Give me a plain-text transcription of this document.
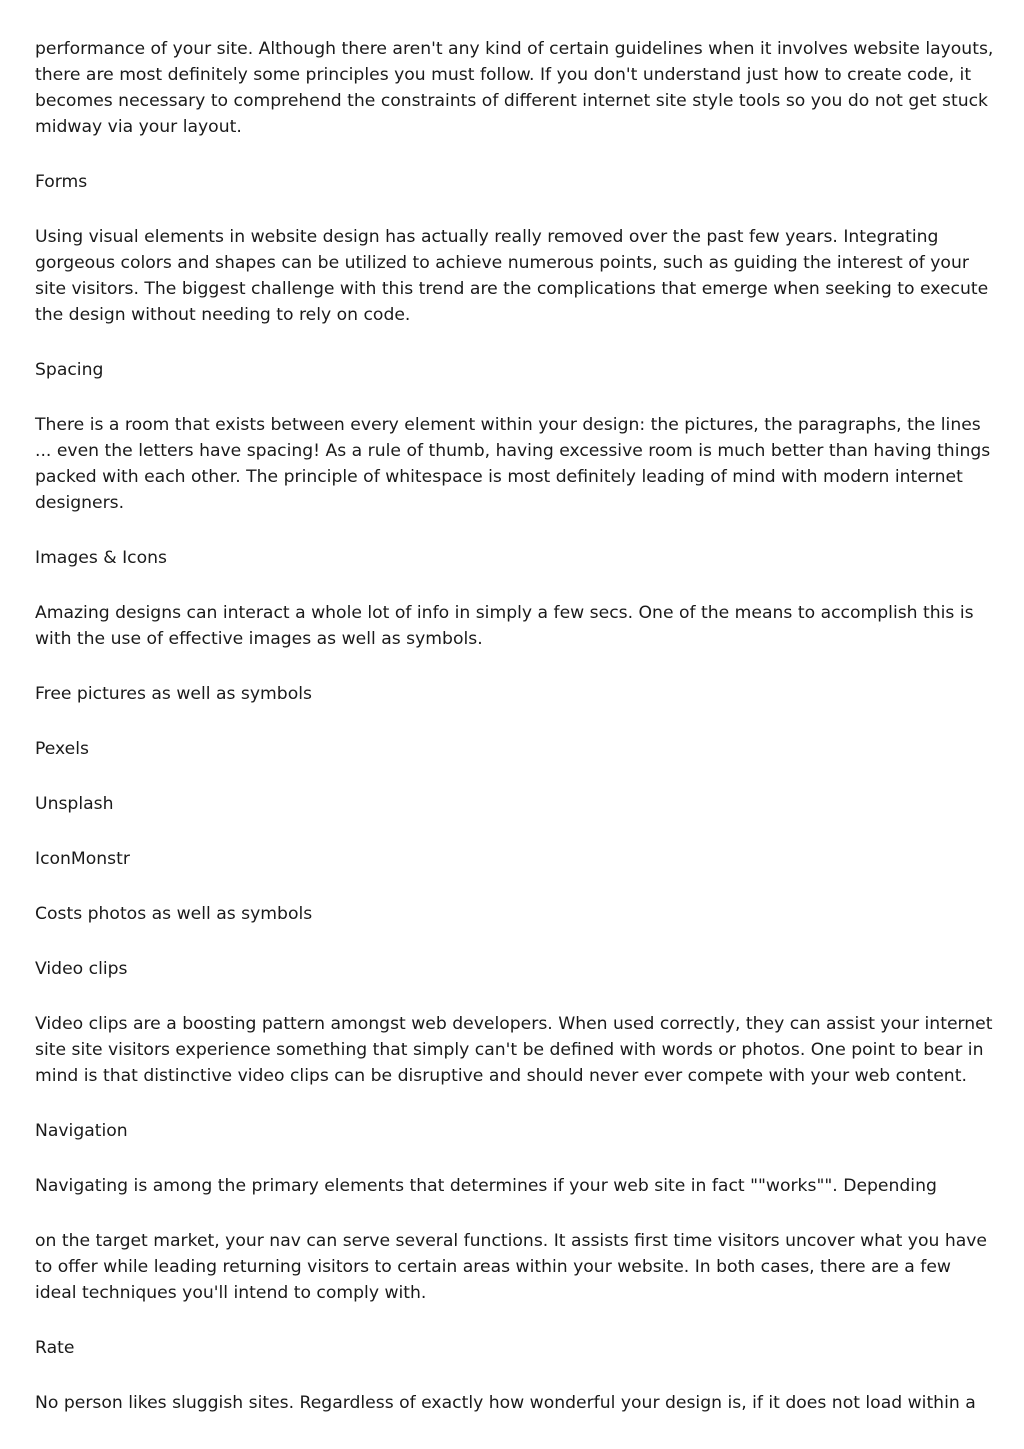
performance of your site. Although there aren't any kind of certain guidelines when it involves website layouts, there are most definitely some principles you must follow. If you don't understand just how to create code, it becomes necessary to comprehend the constraints of different internet site style tools so you do not get stuck midway via your layout.

Forms

Using visual elements in website design has actually really removed over the past few years. Integrating gorgeous colors and shapes can be utilized to achieve numerous points, such as guiding the interest of your site visitors. The biggest challenge with this trend are the complications that emerge when seeking to execute the design without needing to rely on code.

Spacing

There is a room that exists between every element within your design: the pictures, the paragraphs, the lines ... even the letters have spacing! As a rule of thumb, having excessive room is much better than having things packed with each other. The principle of whitespace is most definitely leading of mind with modern internet designers.

Images & Icons

Amazing designs can interact a whole lot of info in simply a few secs. One of the means to accomplish this is with the use of effective images as well as symbols.

Free pictures as well as symbols

Pexels

Unsplash

IconMonstr

Costs photos as well as symbols

Video clips

Video clips are a boosting pattern amongst web developers. When used correctly, they can assist your internet site site visitors experience something that simply can't be defined with words or photos. One point to bear in mind is that distinctive video clips can be disruptive and should never ever compete with your web content.

Navigation

Navigating is among the primary elements that determines if your web site in fact ""works"". Depending

on the target market, your nav can serve several functions. It assists first time visitors uncover what you have to offer while leading returning visitors to certain areas within your website. In both cases, there are a few ideal techniques you'll intend to comply with.

Rate

No person likes sluggish sites. Regardless of exactly how wonderful your design is, if it does not load within a
